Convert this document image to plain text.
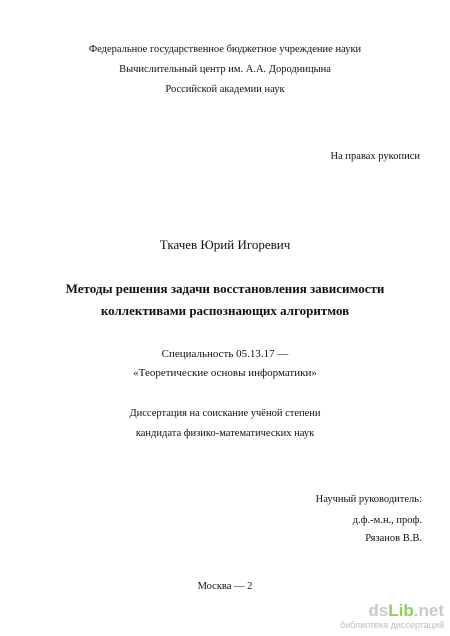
Федеральное государственное бюджетное учреждение науки
Вычислительный центр им. А.А. Дородницына
Российской академии наук
На правах рукописи
Ткачев Юрий Игоревич
Методы решения задачи восстановления зависимости
коллективами распознающих алгоритмов
Специальность 05.13.17 —
«Теоретические основы информатики»
Диссертация на соискание учёной степени
кандидата физико-математических наук
Научный руководитель:
д.ф.-м.н., проф.
Рязанов В.В.
Москва — 2
dsLib.net
библиотека диссертаций
